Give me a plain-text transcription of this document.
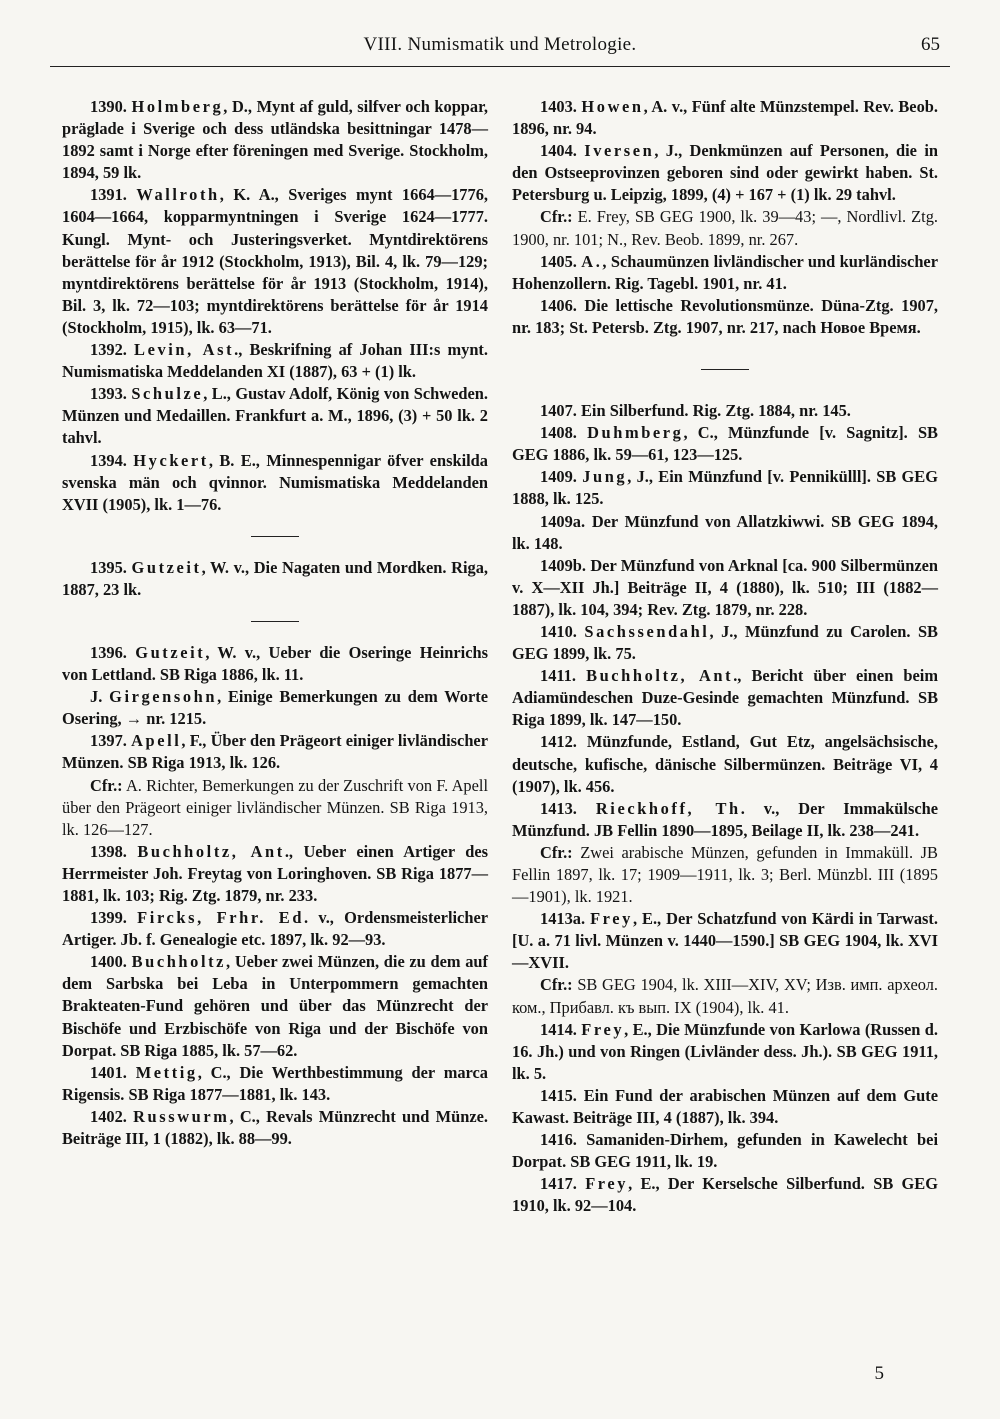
VIII. Numismatik und Metrologie.	65

1390. Holmberg, D., Mynt af guld, silfver och koppar, präglade i Sverige och dess utländska besittningar 1478—1892 samt i Norge efter föreningen med Sverige. Stockholm, 1894, 59 lk.

1391. Wallroth, K. A., Sveriges mynt 1664—1776, 1604—1664, kopparmyntningen i Sverige 1624—1777. Kungl. Mynt- och Justeringsverket. Myntdirektörens berättelse för år 1912 (Stockholm, 1913), Bil. 4, lk. 79—129; myntdirektörens berättelse för år 1913 (Stockholm, 1914), Bil. 3, lk. 72—103; myntdirektörens berättelse för år 1914 (Stockholm, 1915), lk. 63—71.

1392. Levin, Ast., Beskrifning af Johan III:s mynt. Numismatiska Meddelanden XI (1887), 63 + (1) lk.

1393. Schulze, L., Gustav Adolf, König von Schweden. Münzen und Medaillen. Frankfurt a. M., 1896, (3) + 50 lk. 2 tahvl.

1394. Hyckert, B. E., Minnespennigar öfver enskilda svenska män och qvinnor. Numismatiska Meddelanden XVII (1905), lk. 1—76.

1395. Gutzeit, W. v., Die Nagaten und Mordken. Riga, 1887, 23 lk.

1396. Gutzeit, W. v., Ueber die Oseringe Heinrichs von Lettland. SB Riga 1886, lk. 11.

J. Girgensohn, Einige Bemerkungen zu dem Worte Osering, → nr. 1215.

1397. Apell, F., Über den Prägeort einiger livländischer Münzen. SB Riga 1913, lk. 126.

Cfr.: A. Richter, Bemerkungen zu der Zuschrift von F. Apell über den Prägeort einiger livländischer Münzen. SB Riga 1913, lk. 126—127.

1398. Buchholtz, Ant., Ueber einen Artiger des Herrmeister Joh. Freytag von Loringhoven. SB Riga 1877—1881, lk. 103; Rig. Ztg. 1879, nr. 233.

1399. Fircks, Frhr. Ed. v., Ordensmeisterlicher Artiger. Jb. f. Genealogie etc. 1897, lk. 92—93.

1400. Buchholtz, Ueber zwei Münzen, die zu dem auf dem Sarbska bei Leba in Unterpommern gemachten Brakteaten-Fund gehören und über das Münzrecht der Bischöfe und Erzbischöfe von Riga und der Bischöfe von Dorpat. SB Riga 1885, lk. 57—62.

1401. Mettig, C., Die Werthbestimmung der marca Rigensis. SB Riga 1877—1881, lk. 143.

1402. Russwurm, C., Revals Münzrecht und Münze. Beiträge III, 1 (1882), lk. 88—99.

1403. Howen, A. v., Fünf alte Münzstempel. Rev. Beob. 1896, nr. 94.

1404. Iversen, J., Denkmünzen auf Personen, die in den Ostseeprovinzen geboren sind oder gewirkt haben. St. Petersburg u. Leipzig, 1899, (4) + 167 + (1) lk. 29 tahvl.

Cfr.: E. Frey, SB GEG 1900, lk. 39—43; —, Nordlivl. Ztg. 1900, nr. 101; N., Rev. Beob. 1899, nr. 267.

1405. A., Schaumünzen livländischer und kurländischer Hohenzollern. Rig. Tagebl. 1901, nr. 41.

1406. Die lettische Revolutionsmünze. Düna-Ztg. 1907, nr. 183; St. Petersb. Ztg. 1907, nr. 217, nach Новое Время.

1407. Ein Silberfund. Rig. Ztg. 1884, nr. 145.

1408. Duhmberg, C., Münzfunde [v. Sagnitz]. SB GEG 1886, lk. 59—61, 123—125.

1409. Jung, J., Ein Münzfund [v. Pennikülll]. SB GEG 1888, lk. 125.

1409a. Der Münzfund von Allatzkiwwi. SB GEG 1894, lk. 148.

1409b. Der Münzfund von Arknal [ca. 900 Silbermünzen v. X—XII Jh.] Beiträge II, 4 (1880), lk. 510; III (1882—1887), lk. 104, 394; Rev. Ztg. 1879, nr. 228.

1410. Sachssendahl, J., Münzfund zu Carolen. SB GEG 1899, lk. 75.

1411. Buchholtz, Ant., Bericht über einen beim Adiamündeschen Duze-Gesinde gemachten Münzfund. SB Riga 1899, lk. 147—150.

1412. Münzfunde, Estland, Gut Etz, angelsächsische, deutsche, kufische, dänische Silbermünzen. Beiträge VI, 4 (1907), lk. 456.

1413. Rieckhoff, Th. v., Der Immakülsche Münzfund. JB Fellin 1890—1895, Beilage II, lk. 238—241.

Cfr.: Zwei arabische Münzen, gefunden in Immaküll. JB Fellin 1897, lk. 17; 1909—1911, lk. 3; Berl. Münzbl. III (1895—1901), lk. 1921.

1413a. Frey, E., Der Schatzfund von Kärdi in Tarwast. [U. a. 71 livl. Münzen v. 1440—1590.] SB GEG 1904, lk. XVI—XVII.

Cfr.: SB GEG 1904, lk. XIII—XIV, XV; Изв. имп. археол. ком., Прибавл. къ вып. IX (1904), lk. 41.

1414. Frey, E., Die Münzfunde von Karlowa (Russen d. 16. Jh.) und von Ringen (Livländer dess. Jh.). SB GEG 1911, lk. 5.

1415. Ein Fund der arabischen Münzen auf dem Gute Kawast. Beiträge III, 4 (1887), lk. 394.

1416. Samaniden-Dirhem, gefunden in Kawelecht bei Dorpat. SB GEG 1911, lk. 19.

1417. Frey, E., Der Kerselsche Silberfund. SB GEG 1910, lk. 92—104.

5
